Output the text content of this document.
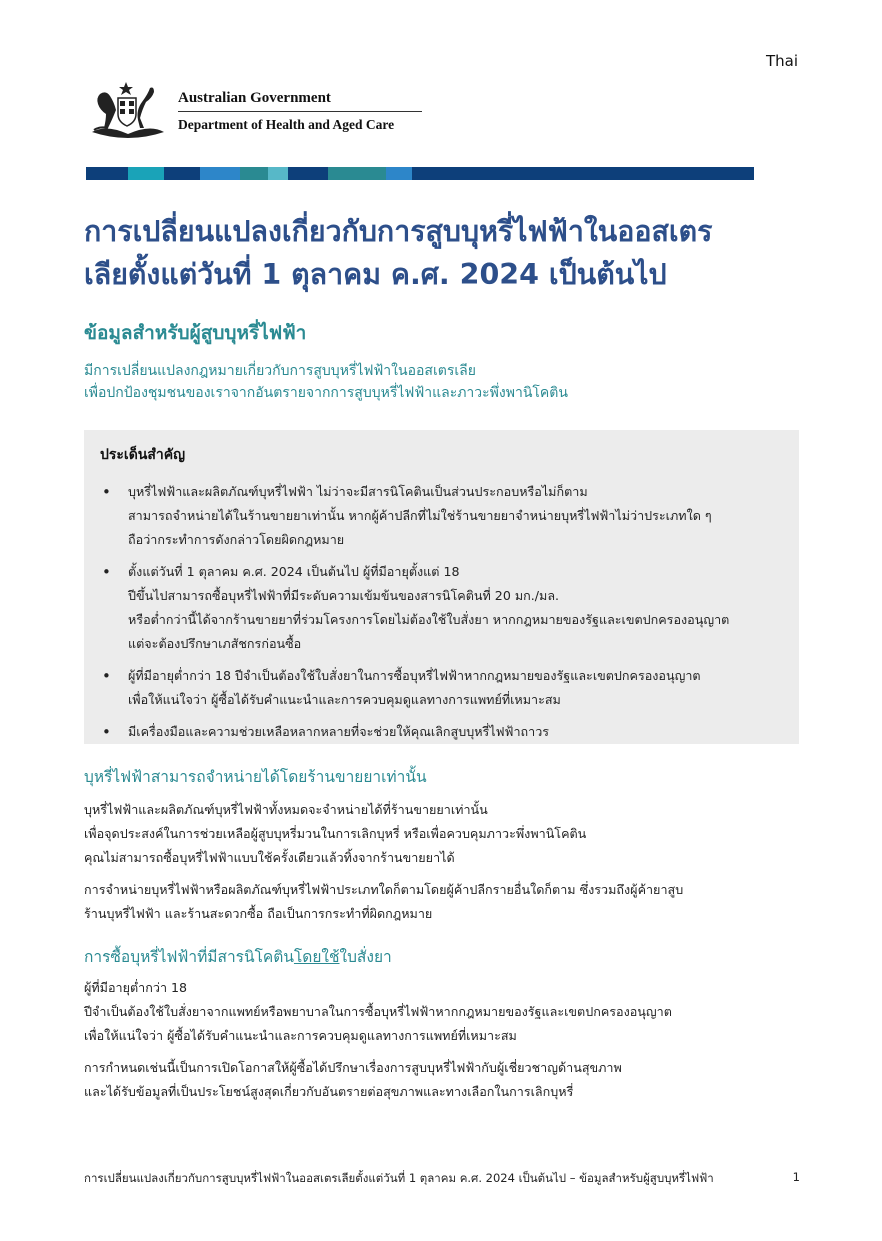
Thai
Australian Government
Department of Health and Aged Care
การเปลี่ยนแปลงเกี่ยวกับการสูบบุหรี่ไฟฟ้าในออสเตร
เลียตั้งแต่วันที่ 1 ตุลาคม ค.ศ. 2024 เป็นต้นไป
ข้อมูลสำหรับผู้สูบบุหรี่ไฟฟ้า
มีการเปลี่ยนแปลงกฎหมายเกี่ยวกับการสูบบุหรี่ไฟฟ้าในออสเตรเลีย
เพื่อปกป้องชุมชนของเราจากอันตรายจากการสูบบุหรี่ไฟฟ้าและภาวะพึ่งพานิโคติน
ประเด็นสำคัญ
• บุหรี่ไฟฟ้าและผลิตภัณฑ์บุหรี่ไฟฟ้า ไม่ว่าจะมีสารนิโคตินเป็นส่วนประกอบหรือไม่ก็ตาม
สามารถจำหน่ายได้ในร้านขายยาเท่านั้น หากผู้ค้าปลีกที่ไม่ใช่ร้านขายยาจำหน่ายบุหรี่ไฟฟ้าไม่ว่าประเภทใด ๆ
ถือว่ากระทำการดังกล่าวโดยผิดกฎหมาย
• ตั้งแต่วันที่ 1 ตุลาคม ค.ศ. 2024 เป็นต้นไป ผู้ที่มีอายุตั้งแต่ 18
ปีขึ้นไปสามารถซื้อบุหรี่ไฟฟ้าที่มีระดับความเข้มข้นของสารนิโคตินที่ 20 มก./มล.
หรือต่ำกว่านี้ได้จากร้านขายยาที่ร่วมโครงการโดยไม่ต้องใช้ใบสั่งยา หากกฎหมายของรัฐและเขตปกครองอนุญาต
แต่จะต้องปรึกษาเภสัชกรก่อนซื้อ
• ผู้ที่มีอายุต่ำกว่า 18 ปีจำเป็นต้องใช้ใบสั่งยาในการซื้อบุหรี่ไฟฟ้าหากกฎหมายของรัฐและเขตปกครองอนุญาต
เพื่อให้แน่ใจว่า ผู้ซื้อได้รับคำแนะนำและการควบคุมดูแลทางการแพทย์ที่เหมาะสม
• มีเครื่องมือและความช่วยเหลือหลากหลายที่จะช่วยให้คุณเลิกสูบบุหรี่ไฟฟ้าถาวร
บุหรี่ไฟฟ้าสามารถจำหน่ายได้โดยร้านขายยาเท่านั้น
บุหรี่ไฟฟ้าและผลิตภัณฑ์บุหรี่ไฟฟ้าทั้งหมดจะจำหน่ายได้ที่ร้านขายยาเท่านั้น
เพื่อจุดประสงค์ในการช่วยเหลือผู้สูบบุหรี่มวนในการเลิกบุหรี่ หรือเพื่อควบคุมภาวะพึ่งพานิโคติน
คุณไม่สามารถซื้อบุหรี่ไฟฟ้าแบบใช้ครั้งเดียวแล้วทิ้งจากร้านขายยาได้
การจำหน่ายบุหรี่ไฟฟ้าหรือผลิตภัณฑ์บุหรี่ไฟฟ้าประเภทใดก็ตามโดยผู้ค้าปลีกรายอื่นใดก็ตาม ซึ่งรวมถึงผู้ค้ายาสูบ
ร้านบุหรี่ไฟฟ้า และร้านสะดวกซื้อ ถือเป็นการกระทำที่ผิดกฎหมาย
การซื้อบุหรี่ไฟฟ้าที่มีสารนิโคตินโดยใช้ใบสั่งยา
ผู้ที่มีอายุต่ำกว่า 18
ปีจำเป็นต้องใช้ใบสั่งยาจากแพทย์หรือพยาบาลในการซื้อบุหรี่ไฟฟ้าหากกฎหมายของรัฐและเขตปกครองอนุญาต
เพื่อให้แน่ใจว่า ผู้ซื้อได้รับคำแนะนำและการควบคุมดูแลทางการแพทย์ที่เหมาะสม
การกำหนดเช่นนี้เป็นการเปิดโอกาสให้ผู้ซื้อได้ปรึกษาเรื่องการสูบบุหรี่ไฟฟ้ากับผู้เชี่ยวชาญด้านสุขภาพ
และได้รับข้อมูลที่เป็นประโยชน์สูงสุดเกี่ยวกับอันตรายต่อสุขภาพและทางเลือกในการเลิกบุหรี่
การเปลี่ยนแปลงเกี่ยวกับการสูบบุหรี่ไฟฟ้าในออสเตรเลียตั้งแต่วันที่ 1 ตุลาคม ค.ศ. 2024 เป็นต้นไป – ข้อมูลสำหรับผู้สูบบุหรี่ไฟฟ้า	1
